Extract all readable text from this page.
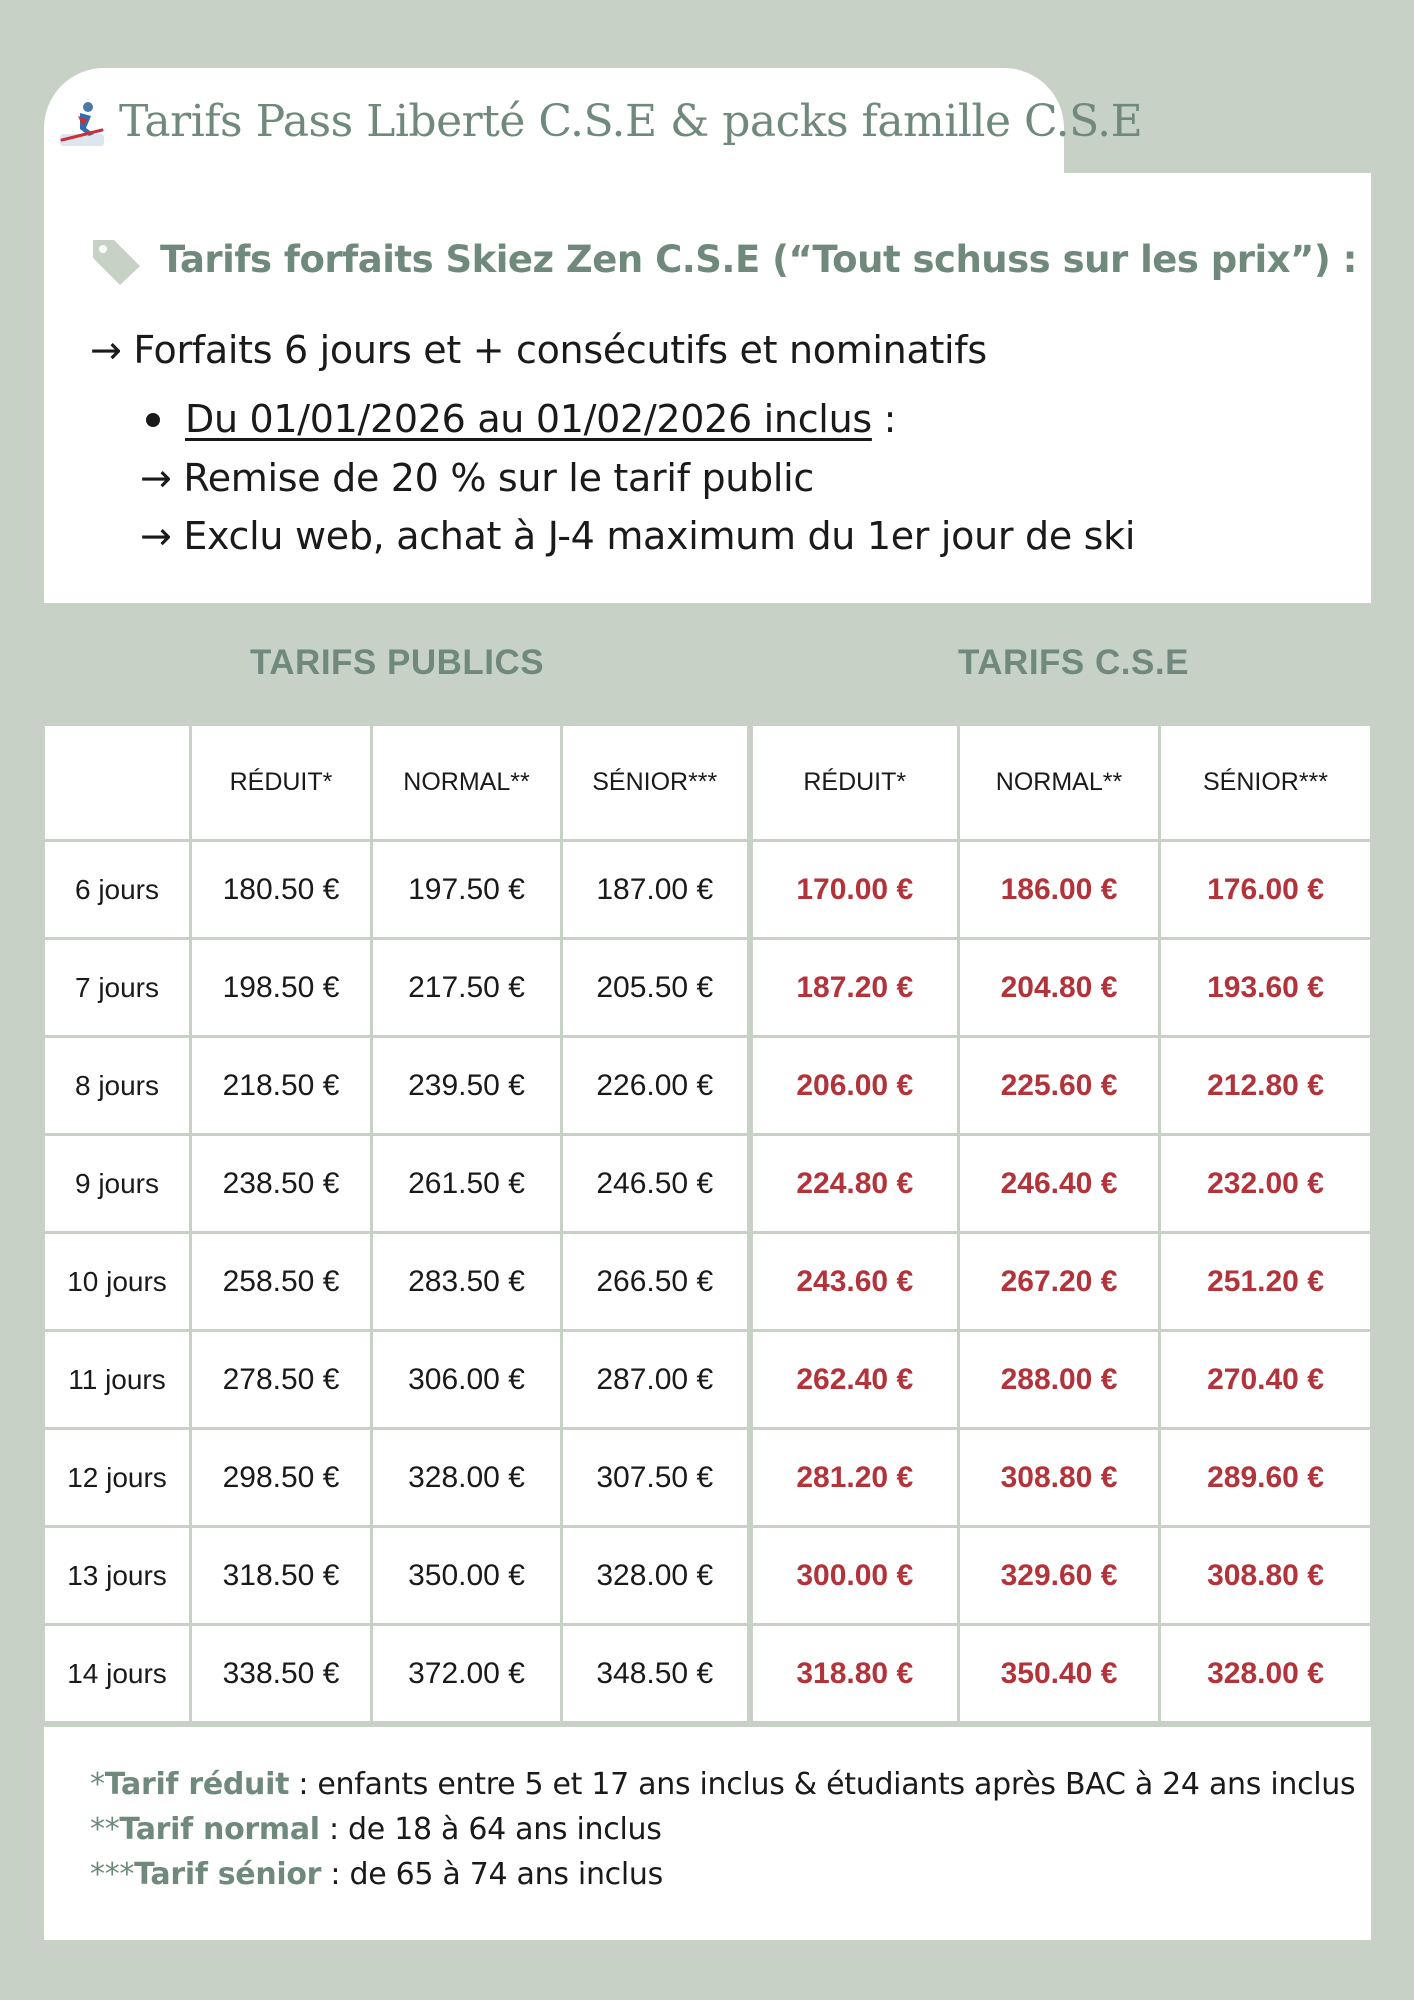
Tarifs Pass Liberté C.S.E & packs famille C.S.E
Tarifs forfaits Skiez Zen C.S.E (“Tout schuss sur les prix”) :
→ Forfaits 6 jours et + consécutifs et nominatifs
Du 01/01/2026 au 01/02/2026 inclus :
→ Remise de 20 % sur le tarif public
→ Exclu web, achat à J-4 maximum du 1er jour de ski
TARIFS PUBLICS	TARIFS C.S.E
	RÉDUIT*	NORMAL**	SÉNIOR***	RÉDUIT*	NORMAL**	SÉNIOR***
6 jours	180.50 €	197.50 €	187.00 €	170.00 €	186.00 €	176.00 €
7 jours	198.50 €	217.50 €	205.50 €	187.20 €	204.80 €	193.60 €
8 jours	218.50 €	239.50 €	226.00 €	206.00 €	225.60 €	212.80 €
9 jours	238.50 €	261.50 €	246.50 €	224.80 €	246.40 €	232.00 €
10 jours	258.50 €	283.50 €	266.50 €	243.60 €	267.20 €	251.20 €
11 jours	278.50 €	306.00 €	287.00 €	262.40 €	288.00 €	270.40 €
12 jours	298.50 €	328.00 €	307.50 €	281.20 €	308.80 €	289.60 €
13 jours	318.50 €	350.00 €	328.00 €	300.00 €	329.60 €	308.80 €
14 jours	338.50 €	372.00 €	348.50 €	318.80 €	350.40 €	328.00 €
*Tarif réduit : enfants entre 5 et 17 ans inclus & étudiants après BAC à 24 ans inclus
**Tarif normal : de 18 à 64 ans inclus
***Tarif sénior : de 65 à 74 ans inclus
